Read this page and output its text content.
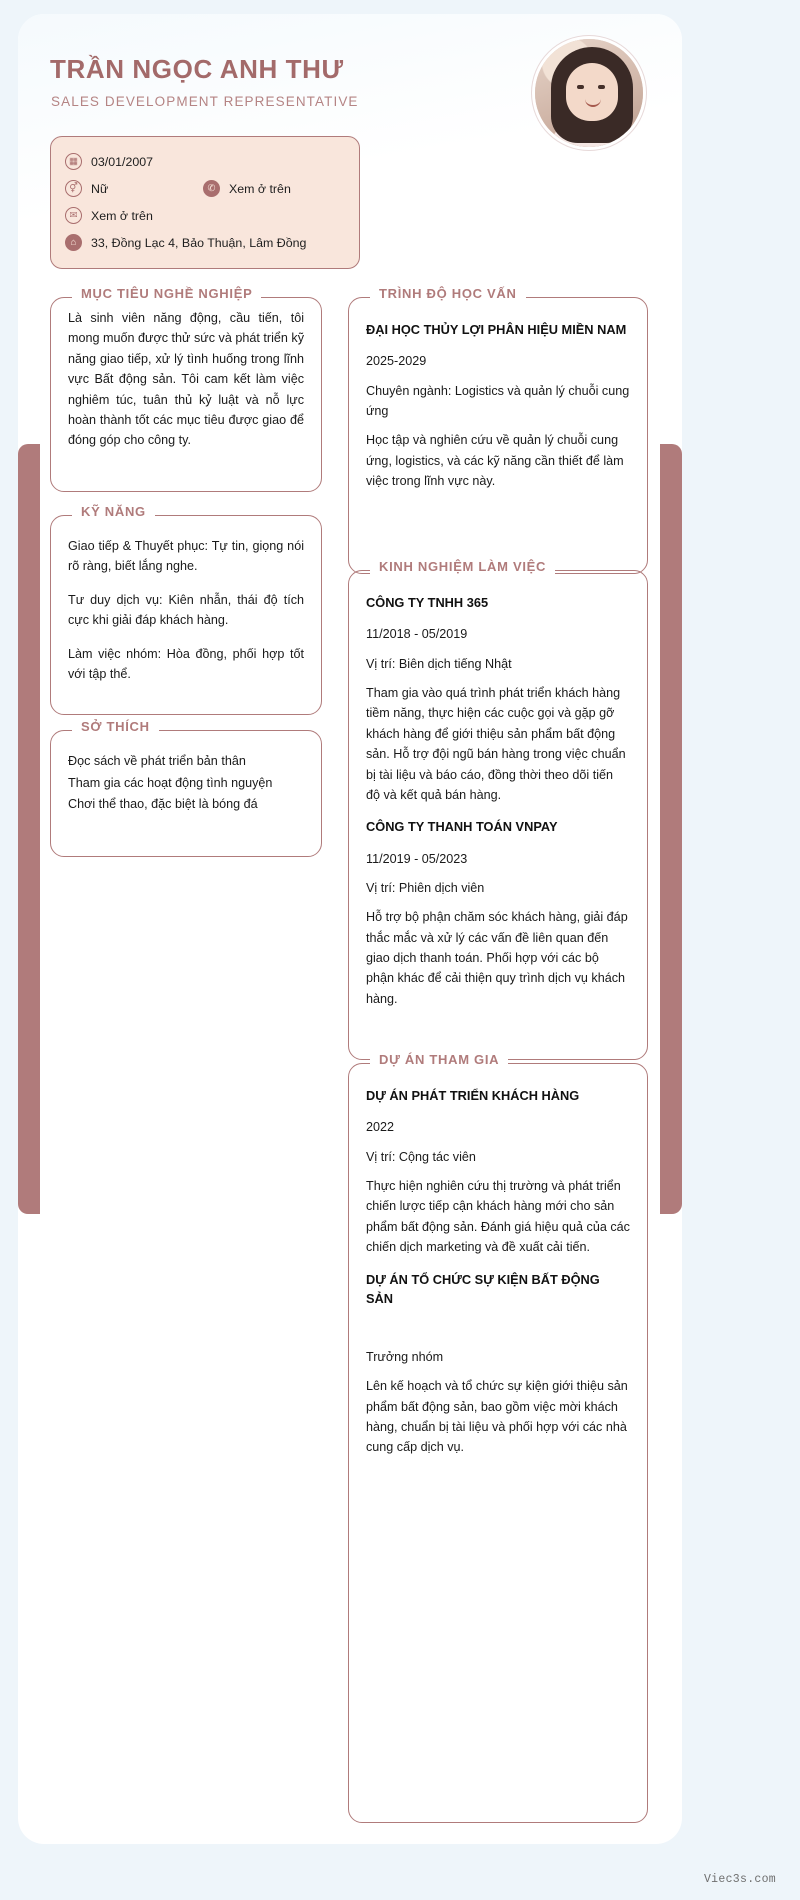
TRẦN NGỌC ANH THƯ
SALES DEVELOPMENT REPRESENTATIVE
▦	03/01/2007
⚥	Nữ	✆	Xem ở trên
✉	Xem ở trên
⌂	33, Đồng Lạc 4, Bảo Thuận, Lâm Đồng
MỤC TIÊU NGHỀ NGHIỆP

Là sinh viên năng động, cầu tiến, tôi mong muốn được thử sức và phát triển kỹ năng giao tiếp, xử lý tình huống trong lĩnh vực Bất động sản. Tôi cam kết làm việc nghiêm túc, tuân thủ kỷ luật và nỗ lực hoàn thành tốt các mục tiêu được giao để đóng góp cho công ty.

KỸ NĂNG

Giao tiếp & Thuyết phục: Tự tin, giọng nói rõ ràng, biết lắng nghe.

Tư duy dịch vụ: Kiên nhẫn, thái độ tích cực khi giải đáp khách hàng.

Làm việc nhóm: Hòa đồng, phối hợp tốt với tập thể.

SỞ THÍCH

Đọc sách về phát triển bản thân

Tham gia các hoạt động tình nguyện

Chơi thể thao, đặc biệt là bóng đá

TRÌNH ĐỘ HỌC VẤN
ĐẠI HỌC THỦY LỢI PHÂN HIỆU MIỀN NAM

2025-2029

Chuyên ngành: Logistics và quản lý chuỗi cung ứng

Học tập và nghiên cứu về quản lý chuỗi cung ứng, logistics, và các kỹ năng cần thiết để làm việc trong lĩnh vực này.

KINH NGHIỆM LÀM VIỆC
CÔNG TY TNHH 365

11/2018 - 05/2019

Vị trí: Biên dịch tiếng Nhật

Tham gia vào quá trình phát triển khách hàng tiềm năng, thực hiện các cuộc gọi và gặp gỡ khách hàng để giới thiệu sản phẩm bất động sản. Hỗ trợ đội ngũ bán hàng trong việc chuẩn bị tài liệu và báo cáo, đồng thời theo dõi tiến độ và kết quả bán hàng.

CÔNG TY THANH TOÁN VNPAY

11/2019 - 05/2023

Vị trí: Phiên dịch viên

Hỗ trợ bộ phận chăm sóc khách hàng, giải đáp thắc mắc và xử lý các vấn đề liên quan đến giao dịch thanh toán. Phối hợp với các bộ phận khác để cải thiện quy trình dịch vụ khách hàng.

DỰ ÁN THAM GIA
DỰ ÁN PHÁT TRIỂN KHÁCH HÀNG

2022

Vị trí: Cộng tác viên

Thực hiện nghiên cứu thị trường và phát triển chiến lược tiếp cận khách hàng mới cho sản phẩm bất động sản. Đánh giá hiệu quả của các chiến dịch marketing và đề xuất cải tiến.

DỰ ÁN TỔ CHỨC SỰ KIỆN BẤT ĐỘNG SẢN

Trưởng nhóm

Lên kế hoạch và tổ chức sự kiện giới thiệu sản phẩm bất động sản, bao gồm việc mời khách hàng, chuẩn bị tài liệu và phối hợp với các nhà cung cấp dịch vụ.

Viec3s.com
